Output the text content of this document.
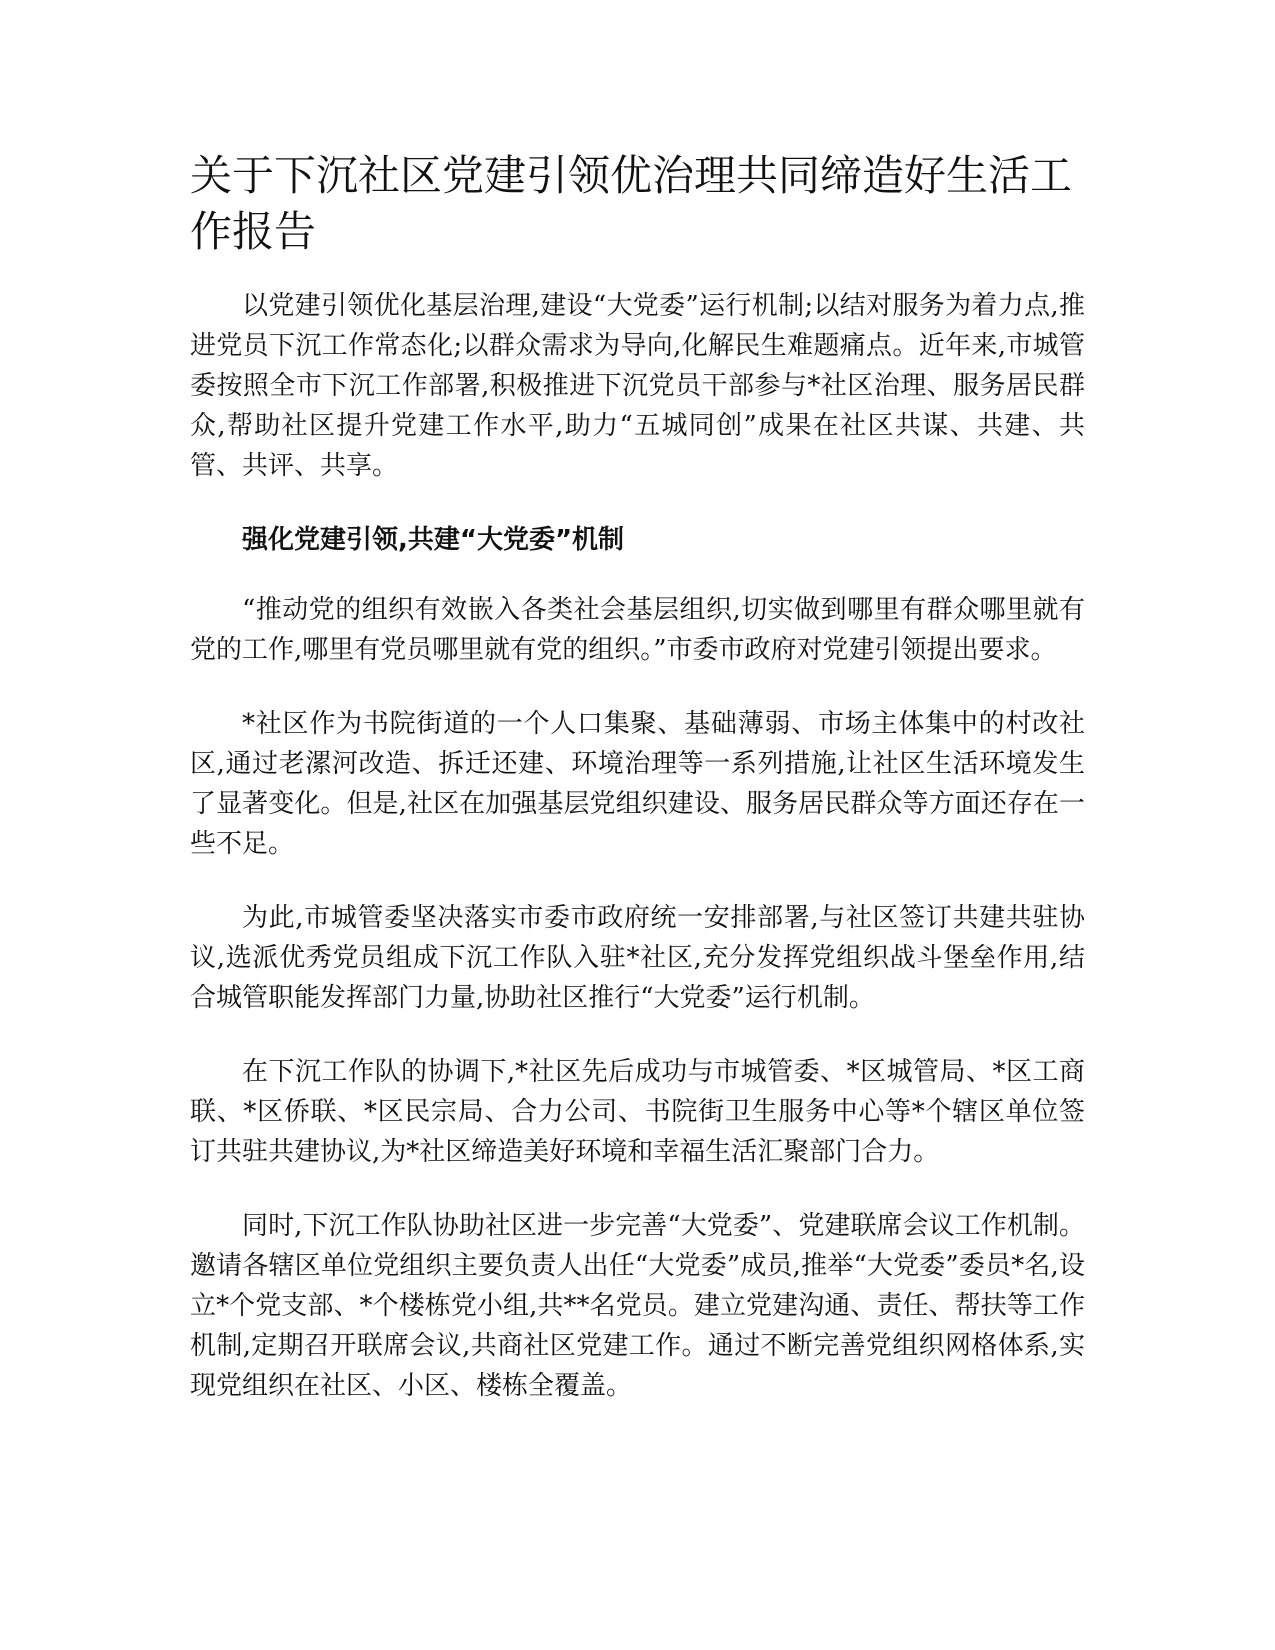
关于下沉社区党建引领优治理共同缔造好生活工作报告

以党建引领优化基层治理,建设“大党委”运行机制;以结对服务为着力点,推进党员下沉工作常态化;以群众需求为导向,化解民生难题痛点。近年来,市城管委按照全市下沉工作部署,积极推进下沉党员干部参与*社区治理、服务居民群众,帮助社区提升党建工作水平,助力“五城同创”成果在社区共谋、共建、共管、共评、共享。

强化党建引领,共建“大党委”机制

“推动党的组织有效嵌入各类社会基层组织,切实做到哪里有群众哪里就有党的工作,哪里有党员哪里就有党的组织。”市委市政府对党建引领提出要求。

*社区作为书院街道的一个人口集聚、基础薄弱、市场主体集中的村改社区,通过老漯河改造、拆迁还建、环境治理等一系列措施,让社区生活环境发生了显著变化。但是,社区在加强基层党组织建设、服务居民群众等方面还存在一些不足。

为此,市城管委坚决落实市委市政府统一安排部署,与社区签订共建共驻协议,选派优秀党员组成下沉工作队入驻*社区,充分发挥党组织战斗堡垒作用,结合城管职能发挥部门力量,协助社区推行“大党委”运行机制。

在下沉工作队的协调下,*社区先后成功与市城管委、*区城管局、*区工商联、*区侨联、*区民宗局、合力公司、书院街卫生服务中心等*个辖区单位签订共驻共建协议,为*社区缔造美好环境和幸福生活汇聚部门合力。

同时,下沉工作队协助社区进一步完善“大党委”、党建联席会议工作机制。邀请各辖区单位党组织主要负责人出任“大党委”成员,推举“大党委”委员*名,设立*个党支部、*个楼栋党小组,共**名党员。建立党建沟通、责任、帮扶等工作机制,定期召开联席会议,共商社区党建工作。通过不断完善党组织网格体系,实现党组织在社区、小区、楼栋全覆盖。
